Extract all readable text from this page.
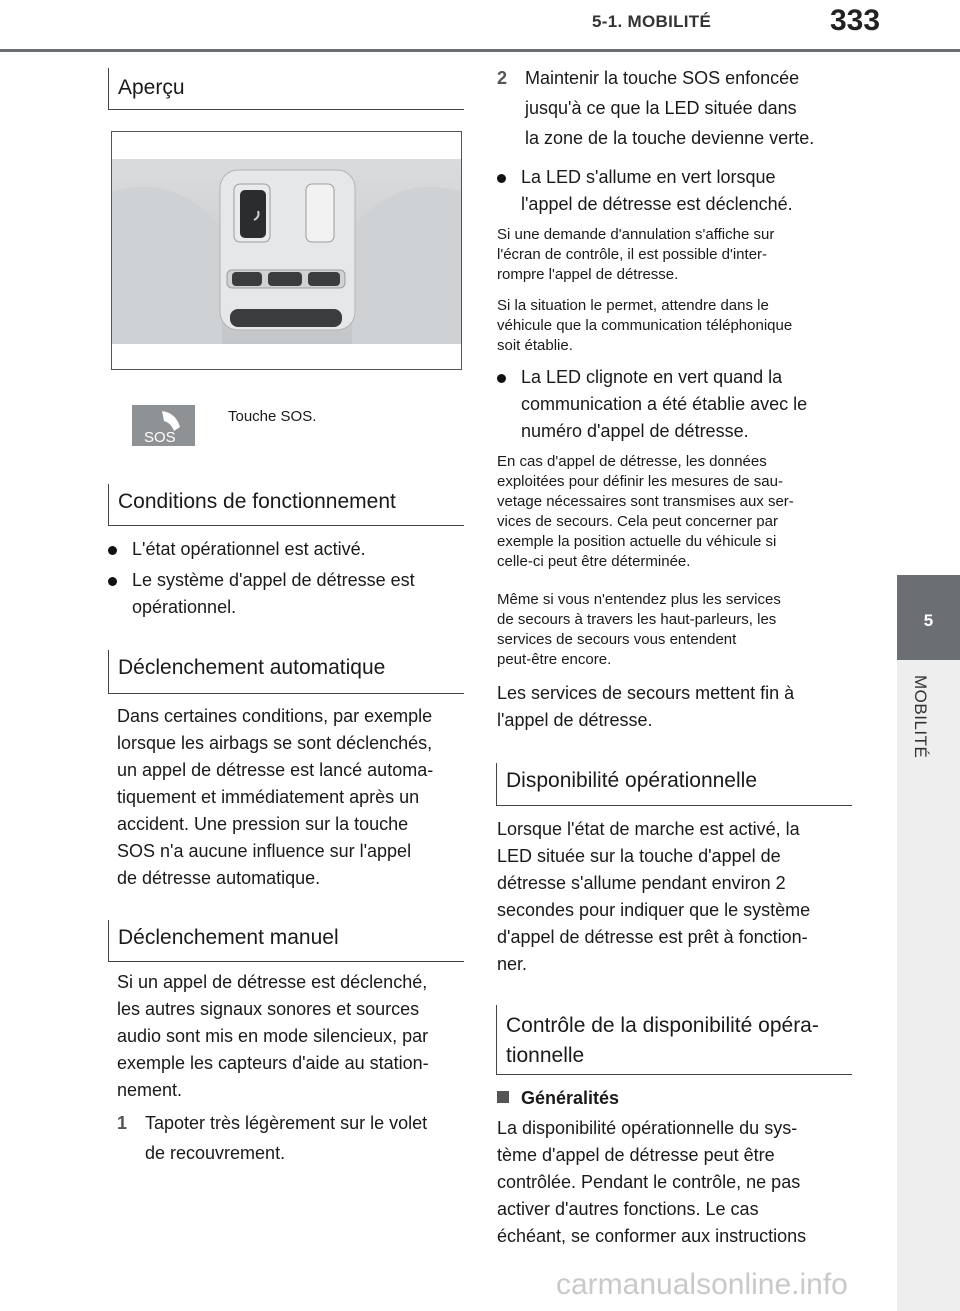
5-1. MOBILITÉ	333
5
MOBILITÉ
Aperçu
SOS
Touche SOS.
Conditions de fonctionnement
L'état opérationnel est activé.
Le système d'appel de détresse est opérationnel.
Déclenchement automatique
Dans certaines conditions, par exemple
lorsque les airbags se sont déclenchés,
un appel de détresse est lancé automa-
tiquement et immédiatement après un
accident. Une pression sur la touche
SOS n'a aucune influence sur l'appel
de détresse automatique.
Déclenchement manuel
Si un appel de détresse est déclenché,
les autres signaux sonores et sources
audio sont mis en mode silencieux, par
exemple les capteurs d'aide au station-
nement.
1 Tapoter très légèrement sur le volet
de recouvrement.
2 Maintenir la touche SOS enfoncée
jusqu'à ce que la LED située dans
la zone de la touche devienne verte.
La LED s'allume en vert lorsque
l'appel de détresse est déclenché.
Si une demande d'annulation s'affiche sur
l'écran de contrôle, il est possible d'inter-
rompre l'appel de détresse.
Si la situation le permet, attendre dans le
véhicule que la communication téléphonique
soit établie.
La LED clignote en vert quand la
communication a été établie avec le
numéro d'appel de détresse.
En cas d'appel de détresse, les données
exploitées pour définir les mesures de sau-
vetage nécessaires sont transmises aux ser-
vices de secours. Cela peut concerner par
exemple la position actuelle du véhicule si
celle-ci peut être déterminée.
Même si vous n'entendez plus les services
de secours à travers les haut-parleurs, les
services de secours vous entendent
peut-être encore.
Les services de secours mettent fin à
l'appel de détresse.
Disponibilité opérationnelle
Lorsque l'état de marche est activé, la
LED située sur la touche d'appel de
détresse s'allume pendant environ 2
secondes pour indiquer que le système
d'appel de détresse est prêt à fonction-
ner.
Contrôle de la disponibilité opéra-
tionnelle
Généralités
La disponibilité opérationnelle du sys-
tème d'appel de détresse peut être
contrôlée. Pendant le contrôle, ne pas
activer d'autres fonctions. Le cas
échéant, se conformer aux instructions
carmanualsonline.info
